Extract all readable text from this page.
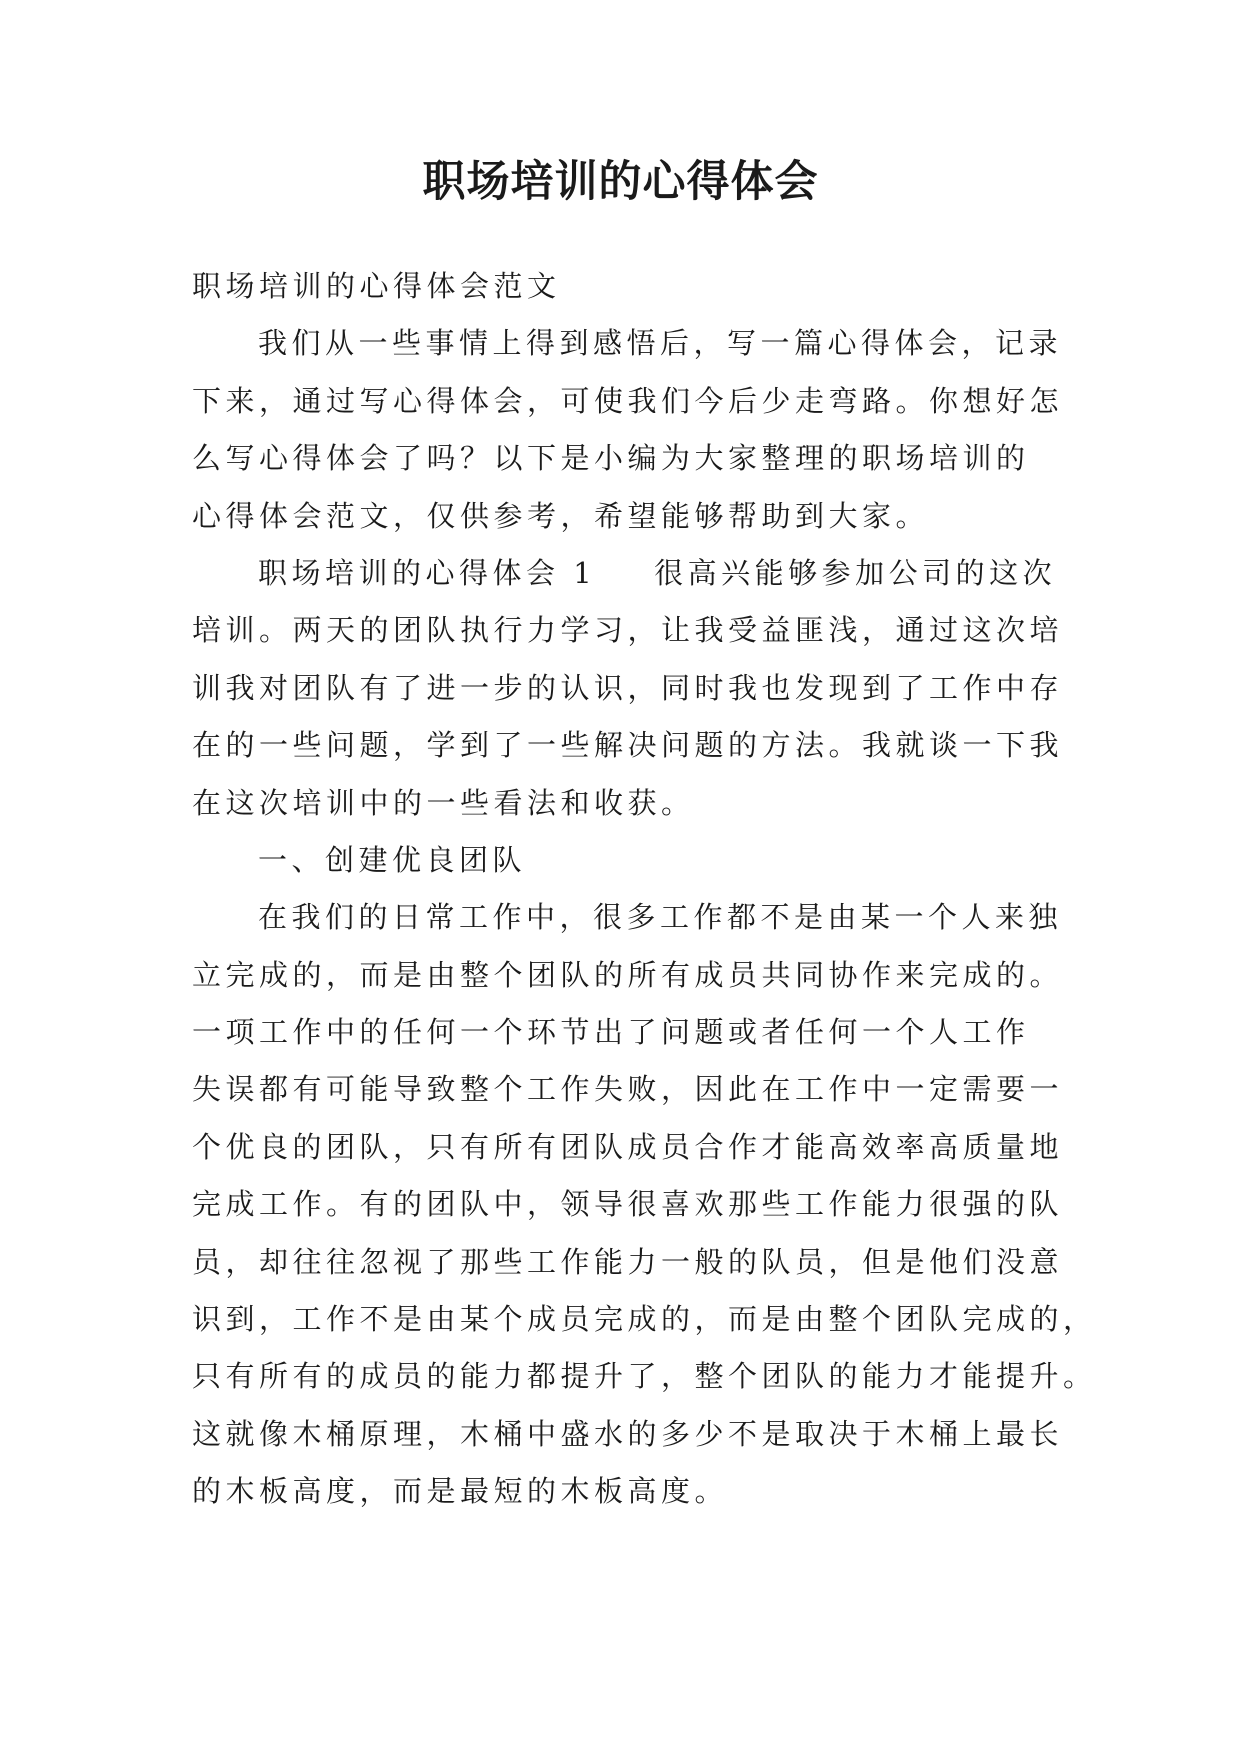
职场培训的心得体会
职场培训的心得体会范文
我们从一些事情上得到感悟后，写一篇心得体会，记录
下来，通过写心得体会，可使我们今后少走弯路。你想好怎
么写心得体会了吗？以下是小编为大家整理的职场培训的
心得体会范文，仅供参考，希望能够帮助到大家。
职场培训的心得体会 1 很高兴能够参加公司的这次
培训。两天的团队执行力学习，让我受益匪浅，通过这次培
训我对团队有了进一步的认识，同时我也发现到了工作中存
在的一些问题，学到了一些解决问题的方法。我就谈一下我
在这次培训中的一些看法和收获。
一、创建优良团队
在我们的日常工作中，很多工作都不是由某一个人来独
立完成的，而是由整个团队的所有成员共同协作来完成的。
一项工作中的任何一个环节出了问题或者任何一个人工作
失误都有可能导致整个工作失败，因此在工作中一定需要一
个优良的团队，只有所有团队成员合作才能高效率高质量地
完成工作。有的团队中，领导很喜欢那些工作能力很强的队
员，却往往忽视了那些工作能力一般的队员，但是他们没意
识到，工作不是由某个成员完成的，而是由整个团队完成的，
只有所有的成员的能力都提升了，整个团队的能力才能提升。
这就像木桶原理，木桶中盛水的多少不是取决于木桶上最长
的木板高度，而是最短的木板高度。
